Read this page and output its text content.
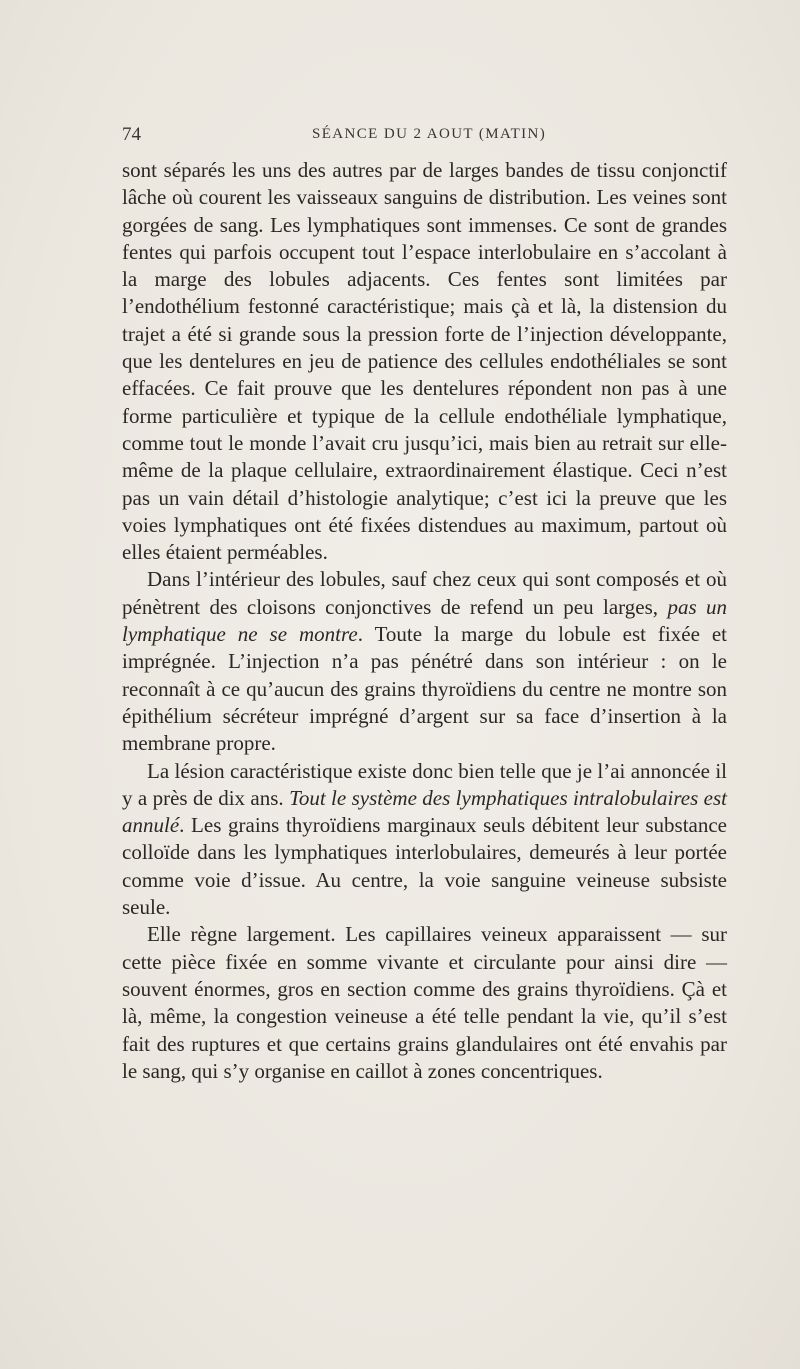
74	SÉANCE DU 2 AOUT (MATIN)

sont séparés les uns des autres par de larges bandes de tissu conjonctif lâche où courent les vaisseaux sanguins de distribution. Les veines sont gorgées de sang. Les lymphatiques sont immenses. Ce sont de grandes fentes qui parfois occupent tout l’espace interlobulaire en s’accolant à la marge des lobules adjacents. Ces fentes sont limitées par l’endothélium festonné caractéristique; mais çà et là, la distension du trajet a été si grande sous la pression forte de l’injection développante, que les dentelures en jeu de patience des cellules endothéliales se sont effacées. Ce fait prouve que les dentelures répondent non pas à une forme particulière et typique de la cellule endothéliale lymphatique, comme tout le monde l’avait cru jusqu’ici, mais bien au retrait sur elle-même de la plaque cellulaire, extraordinairement élastique. Ceci n’est pas un vain détail d’histologie analytique; c’est ici la preuve que les voies lymphatiques ont été fixées distendues au maximum, partout où elles étaient perméables.

Dans l’intérieur des lobules, sauf chez ceux qui sont composés et où pénètrent des cloisons conjonctives de refend un peu larges, pas un lymphatique ne se montre. Toute la marge du lobule est fixée et imprégnée. L’injection n’a pas pénétré dans son intérieur : on le reconnaît à ce qu’aucun des grains thyroïdiens du centre ne montre son épithélium sécréteur imprégné d’argent sur sa face d’insertion à la membrane propre.

La lésion caractéristique existe donc bien telle que je l’ai annoncée il y a près de dix ans. Tout le système des lymphatiques intralobulaires est annulé. Les grains thyroïdiens marginaux seuls débitent leur substance colloïde dans les lymphatiques interlobulaires, demeurés à leur portée comme voie d’issue. Au centre, la voie sanguine veineuse subsiste seule.

Elle règne largement. Les capillaires veineux apparaissent — sur cette pièce fixée en somme vivante et circulante pour ainsi dire — souvent énormes, gros en section comme des grains thyroïdiens. Çà et là, même, la congestion veineuse a été telle pendant la vie, qu’il s’est fait des ruptures et que certains grains glandulaires ont été envahis par le sang, qui s’y organise en caillot à zones concentriques.
